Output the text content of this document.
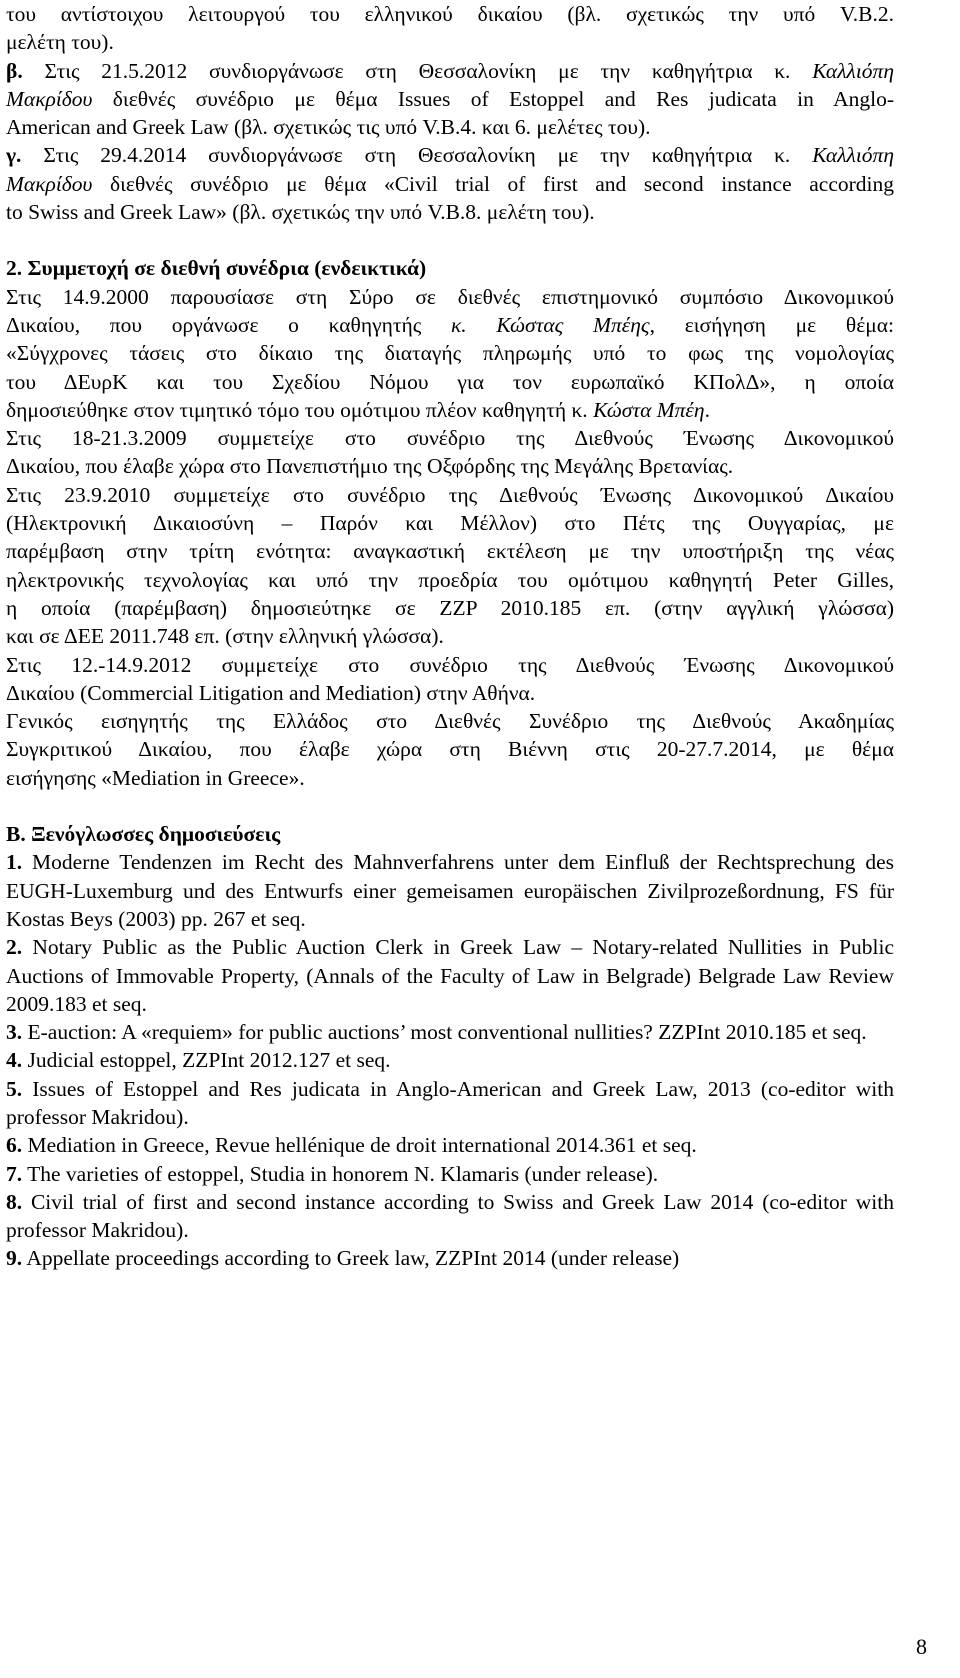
του αντίστοιχου λειτουργού του ελληνικού δικαίου (βλ. σχετικώς την υπό V.B.2.
μελέτη του).
β. Στις 21.5.2012 συνδιοργάνωσε στη Θεσσαλονίκη με την καθηγήτρια κ. Καλλιόπη
Μακρίδου διεθνές συνέδριο με θέμα Issues of Estoppel and Res judicata in Anglo-
American and Greek Law (βλ. σχετικώς τις υπό V.B.4. και 6. μελέτες του).
γ. Στις 29.4.2014 συνδιοργάνωσε στη Θεσσαλονίκη με την καθηγήτρια κ. Καλλιόπη
Μακρίδου διεθνές συνέδριο με θέμα «Civil trial of first and second instance according
to Swiss and Greek Law» (βλ. σχετικώς την υπό V.B.8. μελέτη του).
2. Συμμετοχή σε διεθνή συνέδρια (ενδεικτικά)
Στις 14.9.2000 παρουσίασε στη Σύρο σε διεθνές επιστημονικό συμπόσιο Δικονομικού
Δικαίου, που οργάνωσε ο καθηγητής κ. Κώστας Μπέης, εισήγηση με θέμα:
«Σύγχρονες τάσεις στο δίκαιο της διαταγής πληρωμής υπό το φως της νομολογίας
του ΔΕυρΚ και του Σχεδίου Νόμου για τον ευρωπαϊκό ΚΠολΔ», η οποία
δημοσιεύθηκε στον τιμητικό τόμο του ομότιμου πλέον καθηγητή κ. Κώστα Μπέη.
Στις 18-21.3.2009 συμμετείχε στο συνέδριο της Διεθνούς Ένωσης Δικονομικού
Δικαίου, που έλαβε χώρα στο Πανεπιστήμιο της Οξφόρδης της Μεγάλης Βρετανίας.
Στις 23.9.2010 συμμετείχε στο συνέδριο της Διεθνούς Ένωσης Δικονομικού Δικαίου
(Ηλεκτρονική Δικαιοσύνη – Παρόν και Μέλλον) στο Πέτς της Ουγγαρίας, με
παρέμβαση στην τρίτη ενότητα: αναγκαστική εκτέλεση με την υποστήριξη της νέας
ηλεκτρονικής τεχνολογίας και υπό την προεδρία του ομότιμου καθηγητή Peter Gilles,
η οποία (παρέμβαση) δημοσιεύτηκε σε ZZP 2010.185 επ. (στην αγγλική γλώσσα)
και σε ΔΕΕ 2011.748 επ. (στην ελληνική γλώσσα).
Στις 12.-14.9.2012 συμμετείχε στο συνέδριο της Διεθνούς Ένωσης Δικονομικού
Δικαίου (Commercial Litigation and Mediation) στην Αθήνα.
Γενικός εισηγητής της Ελλάδος στο Διεθνές Συνέδριο της Διεθνούς Ακαδημίας
Συγκριτικού Δικαίου, που έλαβε χώρα στη Βιέννη στις 20-27.7.2014, με θέμα
εισήγησης «Mediation in Greece».
B. Ξενόγλωσσες δημοσιεύσεις
1. Moderne Tendenzen im Recht des Mahnverfahrens unter dem Einfluß der Rechtsprechung des EUGH-Luxemburg und des Entwurfs einer gemeisamen europäischen Zivilprozeßordnung, FS für Kostas Beys (2003) pp. 267 et seq.
2. Notary Public as the Public Auction Clerk in Greek Law – Notary-related Nullities in Public Auctions of Immovable Property, (Annals of the Faculty of Law in Belgrade) Belgrade Law Review 2009.183 et seq.
3. E-auction: A «requiem» for public auctions’ most conventional nullities? ZZPInt 2010.185 et seq.
4. Judicial estoppel, ZZPInt 2012.127 et seq.
5. Issues of Estoppel and Res judicata in Anglo-American and Greek Law, 2013 (co-editor with professor Makridou).
6. Mediation in Greece, Revue hellénique de droit international 2014.361 et seq.
7. The varieties of estoppel, Studia in honorem N. Klamaris (under release).
8. Civil trial of first and second instance according to Swiss and Greek Law 2014 (co-editor with professor Makridou).
9. Appellate proceedings according to Greek law, ZZPInt 2014 (under release)
8
